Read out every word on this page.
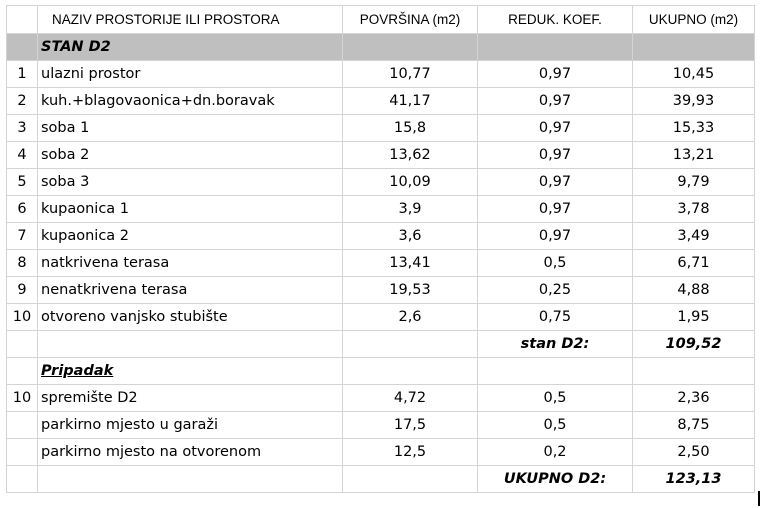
	NAZIV PROSTORIJE ILI PROSTORA	POVRŠINA (m2)	REDUK. KOEF.	UKUPNO (m2)
	STAN D2			
1	ulazni prostor	10,77	0,97	10,45
2	kuh.+blagovaonica+dn.boravak	41,17	0,97	39,93
3	soba 1	15,8	0,97	15,33
4	soba 2	13,62	0,97	13,21
5	soba 3	10,09	0,97	9,79
6	kupaonica 1	3,9	0,97	3,78
7	kupaonica 2	3,6	0,97	3,49
8	natkrivena terasa	13,41	0,5	6,71
9	nenatkrivena terasa	19,53	0,25	4,88
10	otvoreno vanjsko stubište	2,6	0,75	1,95
			stan D2:	109,52
	Pripadak			
10	spremište D2	4,72	0,5	2,36
	parkirno mjesto u garaži	17,5	0,5	8,75
	parkirno mjesto na otvorenom	12,5	0,2	2,50
			UKUPNO D2:	123,13
